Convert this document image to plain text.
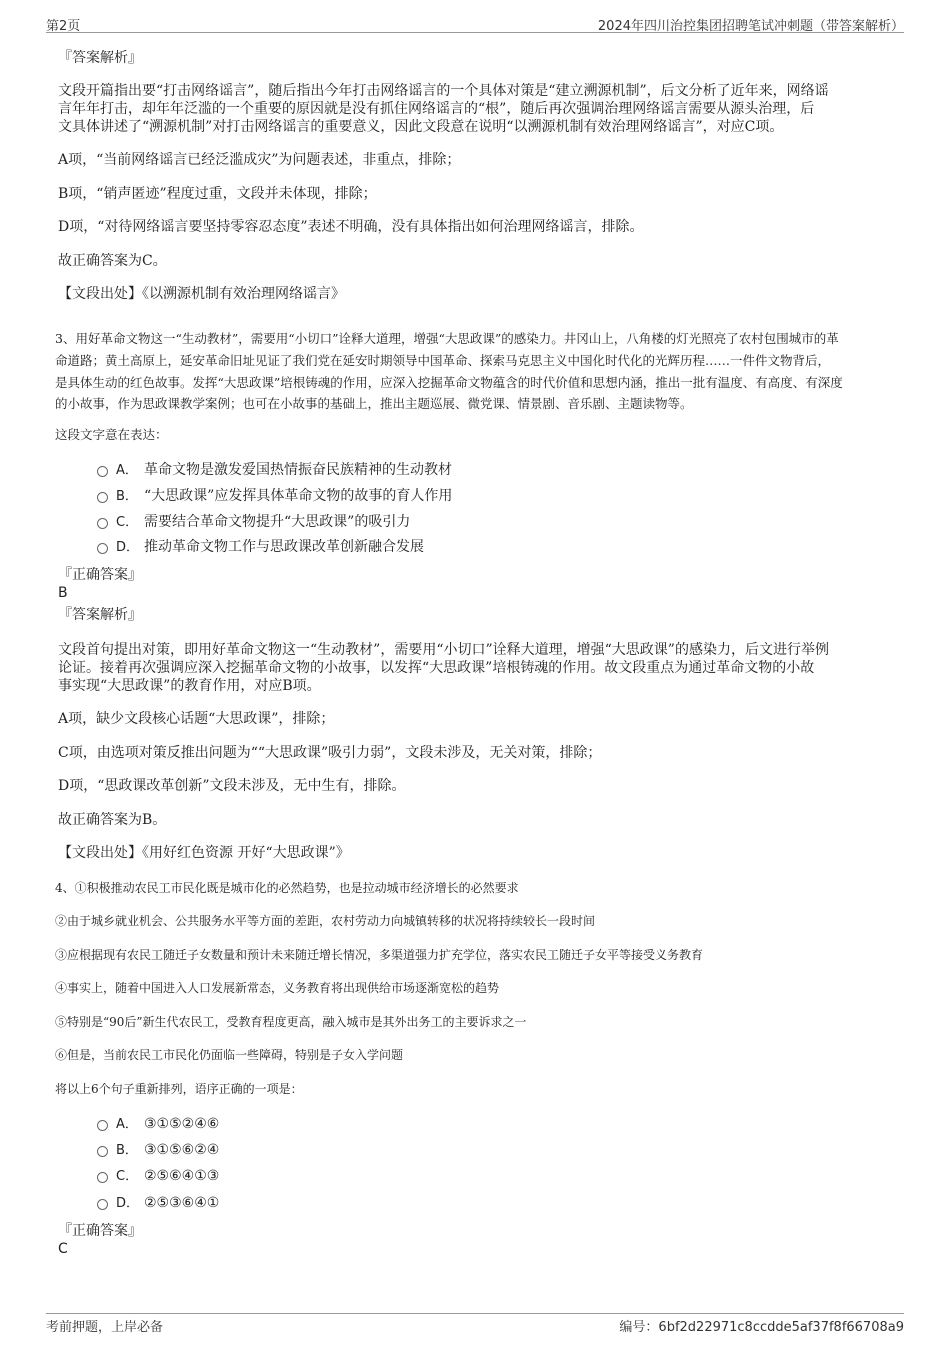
第2页	2024年四川治控集团招聘笔试冲刺题（带答案解析）

『答案解析』

文段开篇指出要“打击网络谣言”，随后指出今年打击网络谣言的一个具体对策是“建立溯源机制”，后文分析了近年来，网络谣

言年年打击，却年年泛滥的一个重要的原因就是没有抓住网络谣言的“根”，随后再次强调治理网络谣言需要从源头治理，后

文具体讲述了“溯源机制”对打击网络谣言的重要意义，因此文段意在说明“以溯源机制有效治理网络谣言”，对应C项。

A项，“当前网络谣言已经泛滥成灾”为问题表述，非重点，排除；

B项，“销声匿迹”程度过重，文段并未体现，排除；

D项，“对待网络谣言要坚持零容忍态度”表述不明确，没有具体指出如何治理网络谣言，排除。

故正确答案为C。

【文段出处】《以溯源机制有效治理网络谣言》

3、用好革命文物这一“生动教材”，需要用“小切口”诠释大道理，增强“大思政课”的感染力。井冈山上，八角楼的灯光照亮了农村包围城市的革

命道路；黄土高原上，延安革命旧址见证了我们党在延安时期领导中国革命、探索马克思主义中国化时代化的光辉历程……一件件文物背后，

是具体生动的红色故事。发挥“大思政课”培根铸魂的作用，应深入挖掘革命文物蕴含的时代价值和思想内涵，推出一批有温度、有高度、有深度

的小故事，作为思政课教学案例；也可在小故事的基础上，推出主题巡展、微党课、情景剧、音乐剧、主题读物等。

这段文字意在表达：

A． 革命文物是激发爱国热情振奋民族精神的生动教材
B． “大思政课”应发挥具体革命文物的故事的育人作用
C． 需要结合革命文物提升“大思政课”的吸引力
D． 推动革命文物工作与思政课改革创新融合发展

『正确答案』

B

『答案解析』

文段首句提出对策，即用好革命文物这一“生动教材”，需要用“小切口”诠释大道理，增强“大思政课”的感染力，后文进行举例

论证。接着再次强调应深入挖掘革命文物的小故事，以发挥“大思政课”培根铸魂的作用。故文段重点为通过革命文物的小故

事实现“大思政课”的教育作用，对应B项。

A项，缺少文段核心话题“大思政课”，排除；

C项，由选项对策反推出问题为““大思政课”吸引力弱”，文段未涉及，无关对策，排除；

D项，“思政课改革创新”文段未涉及，无中生有，排除。

故正确答案为B。

【文段出处】《用好红色资源 开好“大思政课”》

4、①积极推动农民工市民化既是城市化的必然趋势，也是拉动城市经济增长的必然要求

②由于城乡就业机会、公共服务水平等方面的差距，农村劳动力向城镇转移的状况将持续较长一段时间

③应根据现有农民工随迁子女数量和预计未来随迁增长情况，多渠道强力扩充学位，落实农民工随迁子女平等接受义务教育

④事实上，随着中国进入人口发展新常态，义务教育将出现供给市场逐渐宽松的趋势

⑤特别是“90后”新生代农民工，受教育程度更高，融入城市是其外出务工的主要诉求之一

⑥但是，当前农民工市民化仍面临一些障碍，特别是子女入学问题

将以上6个句子重新排列，语序正确的一项是：

A． ③①⑤②④⑥
B． ③①⑤⑥②④
C． ②⑤⑥④①③
D． ②⑤③⑥④①

『正确答案』

C

考前押题，上岸必备	编号：6bf2d22971c8ccdde5af37f8f66708a9
